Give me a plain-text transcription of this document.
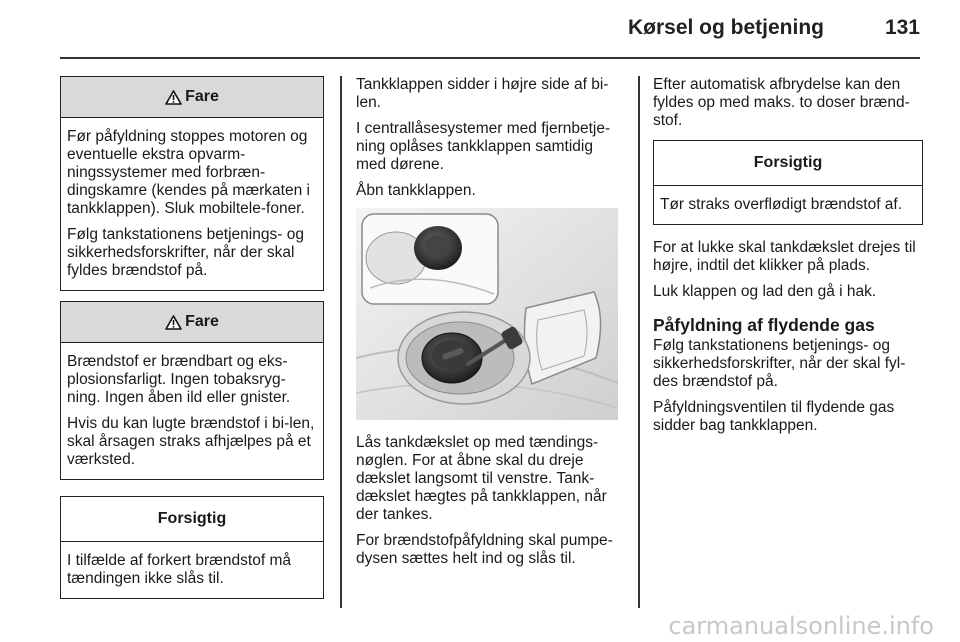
Kørsel og betjening	131
Fare

Før påfyldning stoppes motoren og eventuelle ekstra opvarm-ningssystemer med forbræn-dingskamre (kendes på mærkaten i tankklappen). Sluk mobiltele-foner.

Følg tankstationens betjenings- og sikkerhedsforskrifter, når der skal fyldes brændstof på.

Fare

Brændstof er brændbart og eks-plosionsfarligt. Ingen tobaksryg-ning. Ingen åben ild eller gnister.

Hvis du kan lugte brændstof i bi-len, skal årsagen straks afhjælpes på et værksted.

Forsigtig

I tilfælde af forkert brændstof må tændingen ikke slås til.

Tankklappen sidder i højre side af bi-len.

I centrallåsesystemer med fjernbetje-ning oplåses tankklappen samtidig med dørene.

Åbn tankklappen.

Lås tankdækslet op med tændings-nøglen. For at åbne skal du dreje dækslet langsomt til venstre. Tank-dækslet hægtes på tankklappen, når der tankes.

For brændstofpåfyldning skal pumpe-dysen sættes helt ind og slås til.

Efter automatisk afbrydelse kan den fyldes op med maks. to doser brænd-stof.

Forsigtig

Tør straks overflødigt brændstof af.

For at lukke skal tankdækslet drejes til højre, indtil det klikker på plads.

Luk klappen og lad den gå i hak.

Påfyldning af flydende gas

Følg tankstationens betjenings- og sikkerhedsforskrifter, når der skal fyl-des brændstof på.

Påfyldningsventilen til flydende gas sidder bag tankklappen.

carmanualsonline.info
